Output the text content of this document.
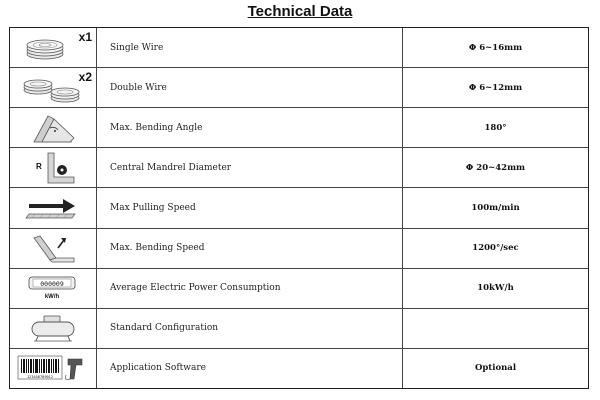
Technical Data
x1
Single Wire	Φ 6~16mm
x2
Double Wire	Φ 6~12mm
Max. Bending Angle	180°
R	Central Mandrel Diameter	Φ 20~42mm
Max Pulling Speed	100m/min
Max. Bending Speed	1200°/sec
000009
kW/h
Average Electric Power Consumption	10kW/h
Standard Configuration
123456789012
Application Software	Optional
